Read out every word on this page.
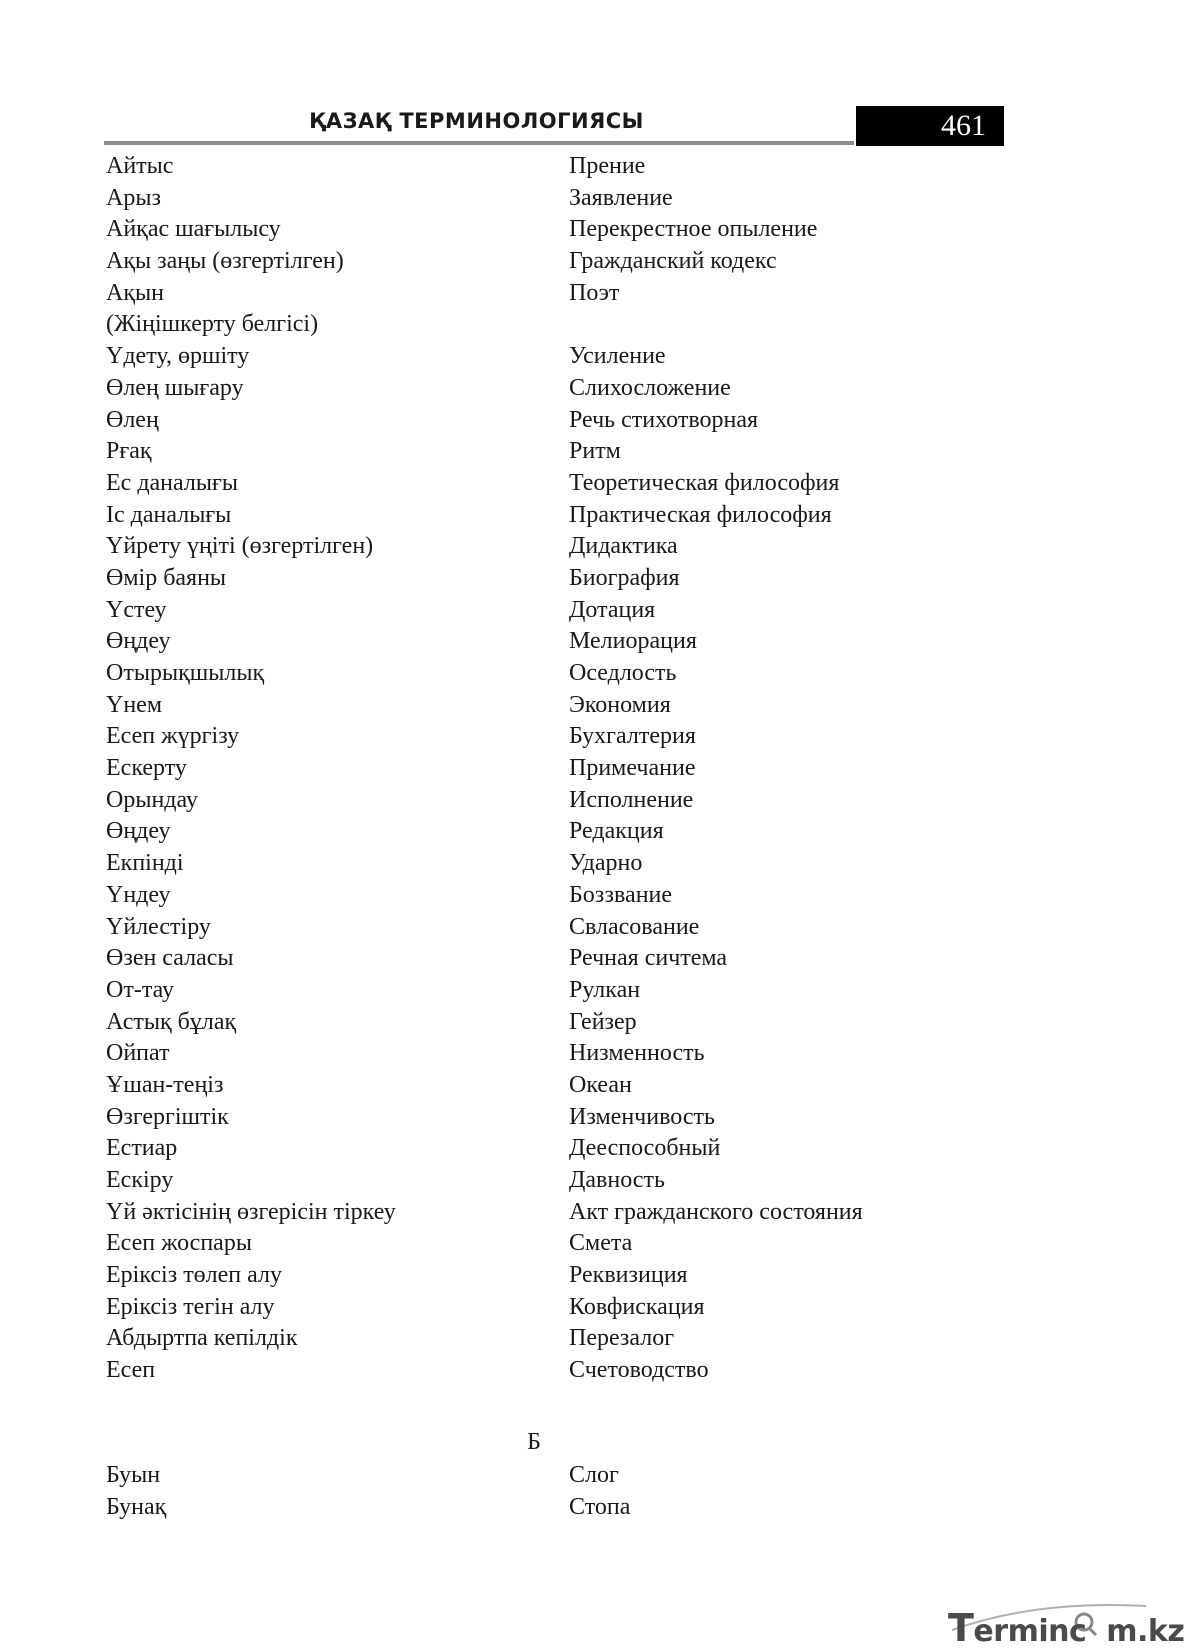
ҚАЗАҚ ТЕРМИНОЛОГИЯСЫ	461
Айтыс	Прение
Арыз	Заявление
Айқас шағылысу	Перекрестное опыление
Ақы заңы (өзгертілген)	Гражданский кодекс
Ақын	Поэт
(Жіңішкерту белгісі)
Үдету, өршіту	Усиление
Өлең шығару	Слихосложение
Өлең	Речь стихотворная
Рғақ	Ритм
Ес даналығы	Теоретическая философия
Іс даналығы	Практическая философия
Үйрету үңіті (өзгертілген)	Дидактика
Өмір баяны	Биография
Үстеу	Дотация
Өңдеу	Мелиорация
Отырықшылық	Оседлость
Үнем	Экономия
Есеп жүргізу	Бухгалтерия
Ескерту	Примечание
Орындау	Исполнение
Өңдеу	Редакция
Екпінді	Ударно
Үндеу	Боззвание
Үйлестіру	Свласование
Өзен саласы	Речная сичтема
От-тау	Рулкан
Астық бұлақ	Гейзер
Ойпат	Низменность
Ұшан-теңіз	Океан
Өзгергіштік	Изменчивость
Естиар	Дееспособный
Ескіру	Давность
Үй әктісінің өзгерісін тіркеу	Акт гражданского состояния
Есеп жоспары	Смета
Еріксіз төлеп алу	Реквизиция
Еріксіз тегін алу	Ковфискация
Абдыртпа кепілдік	Перезалог
Есеп	Счетоводство
Б
Буын	Слог
Бунақ	Стопа
Terminc m.kz
